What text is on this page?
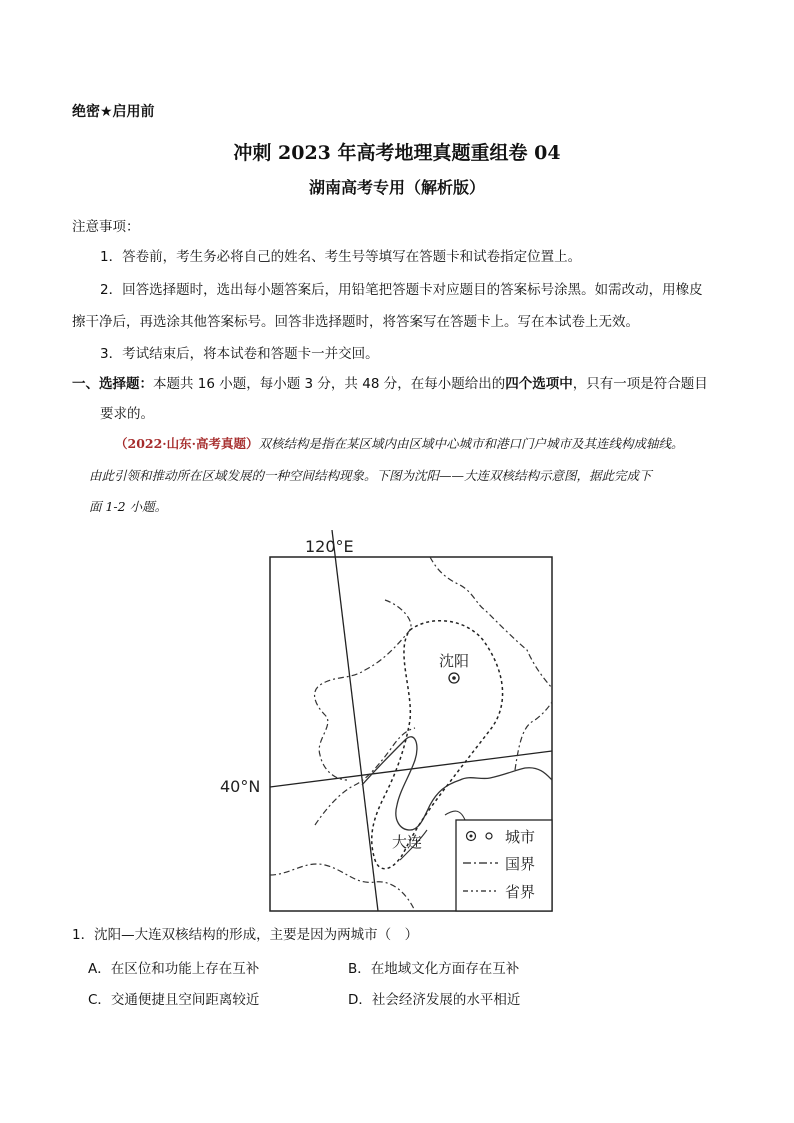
绝密★启用前
冲刺 2023 年高考地理真题重组卷 04
湖南高考专用（解析版）
注意事项：
1．答卷前，考生务必将自己的姓名、考生号等填写在答题卡和试卷指定位置上。
2．回答选择题时，选出每小题答案后，用铅笔把答题卡对应题目的答案标号涂黑。如需改动，用橡皮
擦干净后，再选涂其他答案标号。回答非选择题时，将答案写在答题卡上。写在本试卷上无效。
3．考试结束后，将本试卷和答题卡一并交回。
一、选择题：本题共 16 小题，每小题 3 分，共 48 分，在每小题给出的四个选项中，只有一项是符合题目
要求的。
（2022·山东·高考真题）双核结构是指在某区域内由区域中心城市和港口门户城市及其连线构成轴线。
由此引领和推动所在区域发展的一种空间结构现象。下图为沈阳——大连双核结构示意图，据此完成下
面 1-2 小题。
120°E
40°N
沈阳
大连	城市
国界
省界
1．沈阳—大连双核结构的形成，主要是因为两城市（　）
A．在区位和功能上存在互补	B．在地域文化方面存在互补
C．交通便捷且空间距离较近	D．社会经济发展的水平相近
